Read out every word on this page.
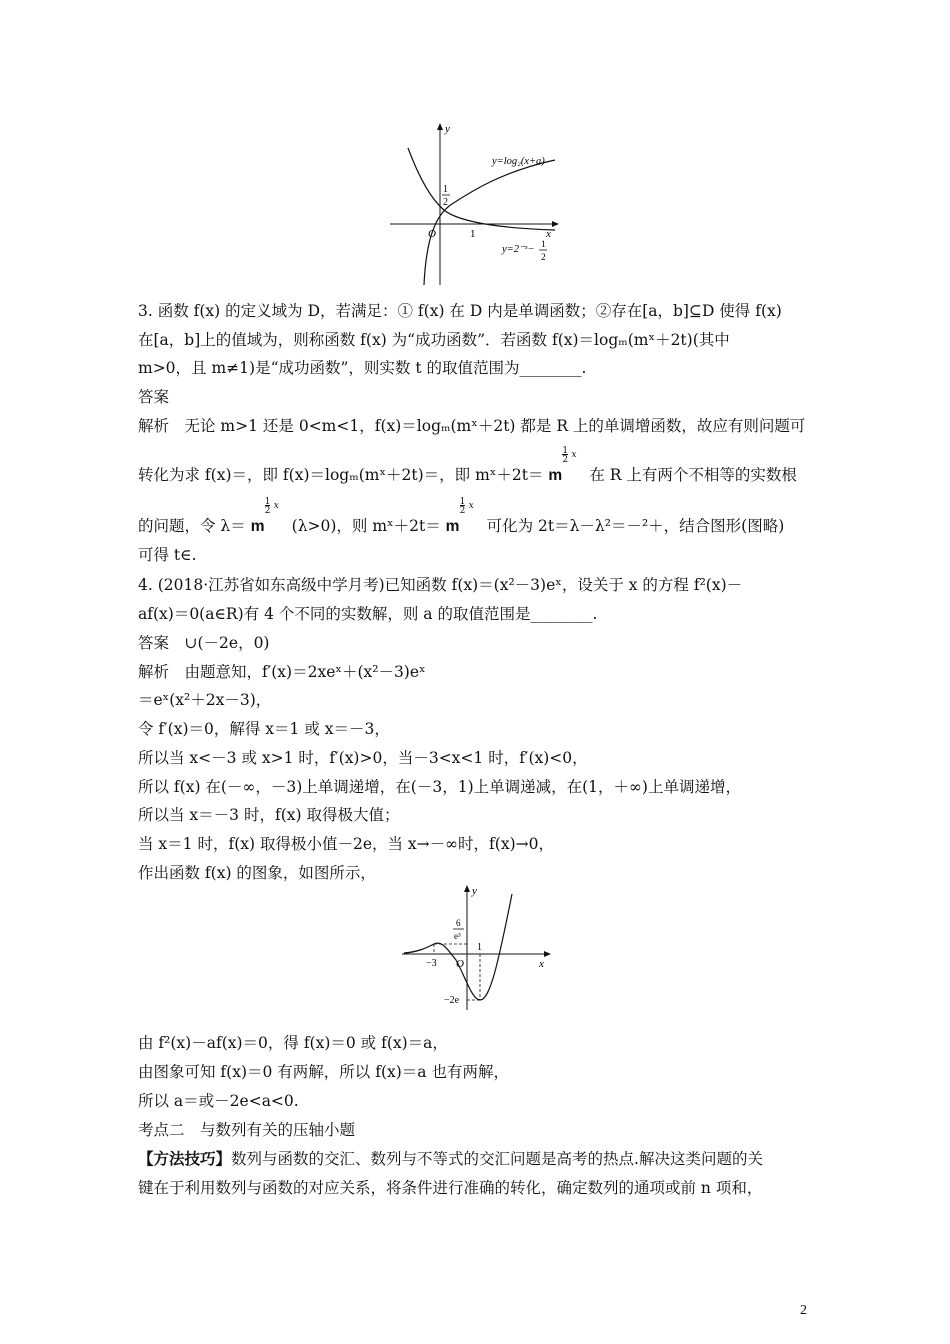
y
x
O	1
1
2
y=log₂(x+a)
y=2⁻ˣ− 1
2
3. 函数 f(x) 的定义域为 D，若满足：① f(x) 在 D 内是单调函数；②存在[a，b]⊆D 使得 f(x)
在[a，b]上的值域为，则称函数 f(x) 为“成功函数”．若函数 f(x)＝logₘ(mˣ＋2t)(其中
m>0，且 m≠1)是“成功函数”，则实数 t 的取值范围为________.
答案
解析　无论 m>1 还是 0<m<1，f(x)＝logₘ(mˣ＋2t) 都是 R 上的单调增函数，故应有则问题可
转化为求 f(x)＝，即 f(x)＝logₘ(mˣ＋2t)＝，即 mˣ＋2t＝ m
1
2 x
在 R 上有两个不相等的实数根
的问题，令 λ＝ m
1
2 x
(λ>0)，则 mˣ＋2t＝ m
1
2 x
可化为 2t＝λ－λ²＝－²＋，结合图形(图略)
可得 t∈.
4. (2018·江苏省如东高级中学月考)已知函数 f(x)＝(x²－3)eˣ，设关于 x 的方程 f²(x)－
af(x)＝0(a∈R)有 4 个不同的实数解，则 a 的取值范围是________.
答案　∪(－2e，0)
解析　由题意知，f′(x)＝2xeˣ＋(x²－3)eˣ
＝eˣ(x²＋2x－3)，
令 f′(x)＝0，解得 x＝1 或 x＝－3，
所以当 x<－3 或 x>1 时，f′(x)>0，当－3<x<1 时，f′(x)<0，
所以 f(x) 在(－∞，－3)上单调递增，在(－3，1)上单调递减，在(1，＋∞)上单调递增，
所以当 x＝－3 时，f(x) 取得极大值；
当 x＝1 时，f(x) 取得极小值－2e，当 x→－∞时，f(x)→0，
作出函数 f(x) 的图象，如图所示，
y
x
O
1
−3
6
e³
−2e
由 f²(x)－af(x)＝0，得 f(x)＝0 或 f(x)＝a，
由图象可知 f(x)＝0 有两解，所以 f(x)＝a 也有两解，
所以 a＝或－2e<a<0.
考点二　与数列有关的压轴小题
【方法技巧】数列与函数的交汇、数列与不等式的交汇问题是高考的热点.解决这类问题的关
键在于利用数列与函数的对应关系，将条件进行准确的转化，确定数列的通项或前 n 项和，
2
